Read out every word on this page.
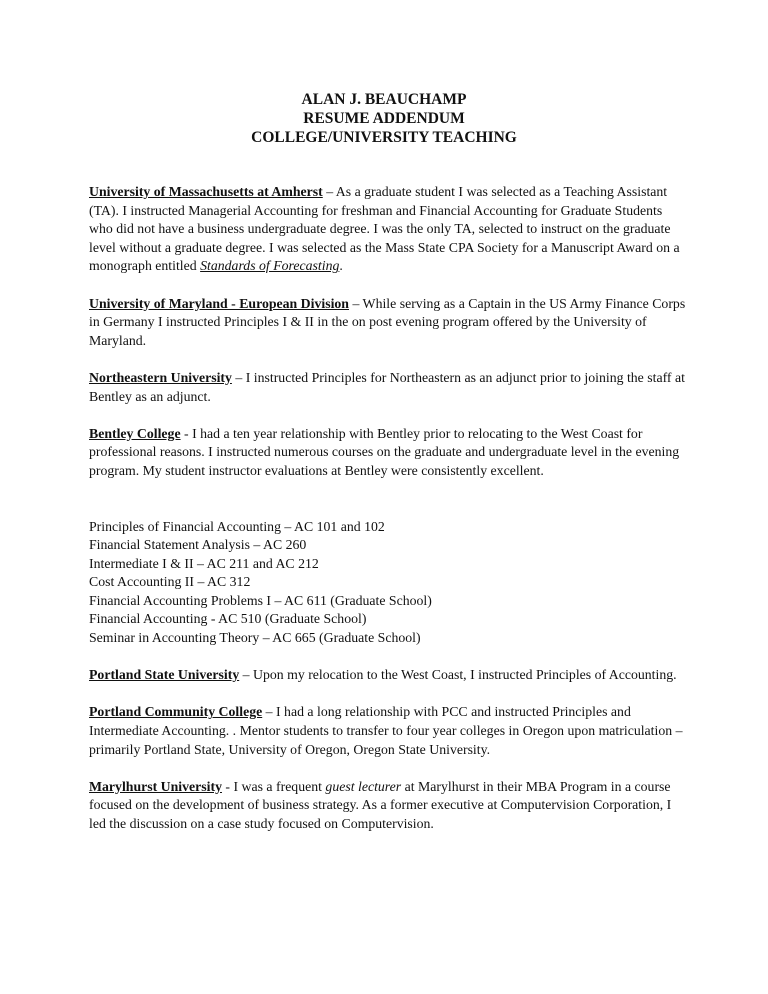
ALAN J. BEAUCHAMP
RESUME ADDENDUM
COLLEGE/UNIVERSITY TEACHING

University of Massachusetts at Amherst – As a graduate student I was selected as a Teaching Assistant (TA). I instructed Managerial Accounting for freshman and Financial Accounting for Graduate Students who did not have a business undergraduate degree. I was the only TA, selected to instruct on the graduate level without a graduate degree. I was selected as the Mass State CPA Society for a Manuscript Award on a monograph entitled Standards of Forecasting.

University of Maryland - European Division – While serving as a Captain in the US Army Finance Corps in Germany I instructed Principles I & II in the on post evening program offered by the University of Maryland.

Northeastern University – I instructed Principles for Northeastern as an adjunct prior to joining the staff at Bentley as an adjunct.

Bentley College - I had a ten year relationship with Bentley prior to relocating to the West Coast for professional reasons. I instructed numerous courses on the graduate and undergraduate level in the evening program. My student instructor evaluations at Bentley were consistently excellent.

Principles of Financial Accounting – AC 101 and 102
Financial Statement Analysis – AC 260
Intermediate I & II – AC 211 and AC 212
Cost Accounting II – AC 312
Financial Accounting Problems I – AC 611 (Graduate School)
Financial Accounting - AC 510 (Graduate School)
Seminar in Accounting Theory – AC 665 (Graduate School)

Portland State University – Upon my relocation to the West Coast, I instructed Principles of Accounting.

Portland Community College – I had a long relationship with PCC and instructed Principles and Intermediate Accounting. . Mentor students to transfer to four year colleges in Oregon upon matriculation – primarily Portland State, University of Oregon, Oregon State University.

Marylhurst University - I was a frequent guest lecturer at Marylhurst in their MBA Program in a course focused on the development of business strategy. As a former executive at Computervision Corporation, I led the discussion on a case study focused on Computervision.
